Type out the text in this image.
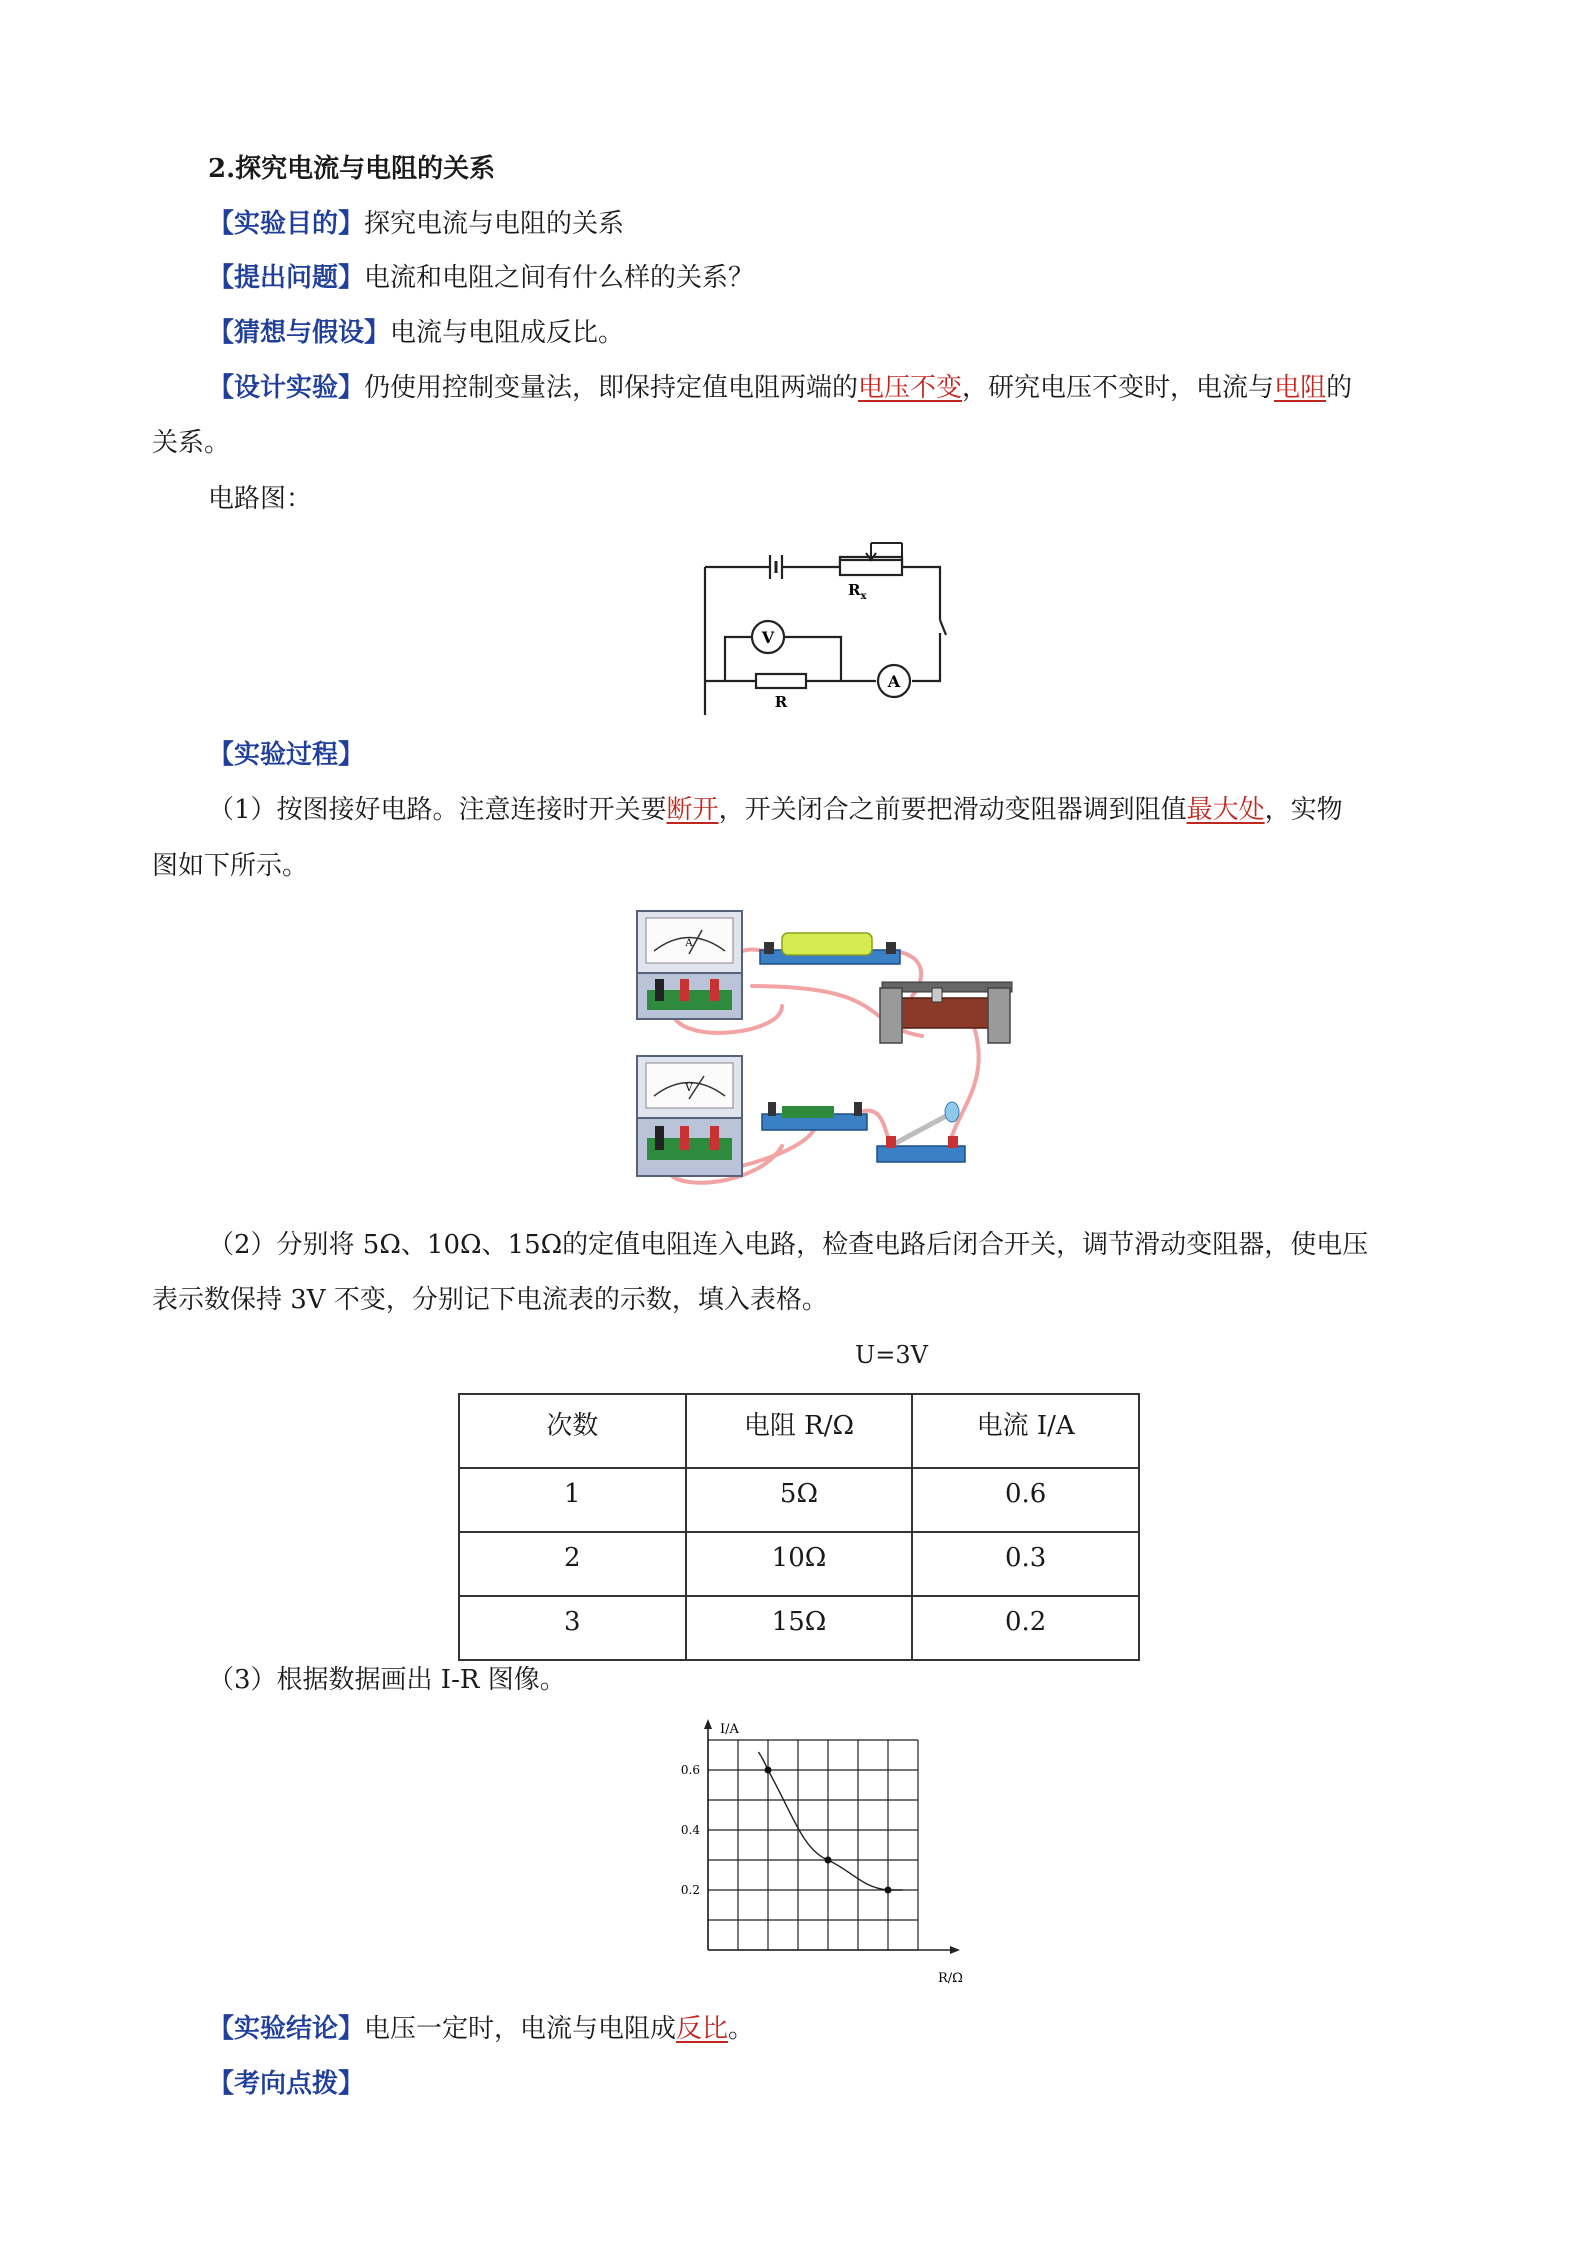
2.探究电流与电阻的关系
【实验目的】探究电流与电阻的关系
【提出问题】电流和电阻之间有什么样的关系？
【猜想与假设】电流与电阻成反比。
【设计实验】仍使用控制变量法，即保持定值电阻两端的电压不变，研究电压不变时，电流与电阻的
关系。
电路图：
$R_x$
V
R
A
【实验过程】
（1）按图接好电路。注意连接时开关要断开，开关闭合之前要把滑动变阻器调到阻值最大处，实物
图如下所示。
A
V
（2）分别将 5Ω、10Ω、15Ω的定值电阻连入电路，检查电路后闭合开关，调节滑动变阻器，使电压
表示数保持 3V 不变，分别记下电流表的示数，填入表格。
U=3V
次数	电阻 R/Ω	电流 I/A
1	5Ω	0.6
2	10Ω	0.3
3	15Ω	0.2
（3）根据数据画出 I-R 图像。
I/A
R/Ω
0.2
0.4
0.6
【实验结论】电压一定时，电流与电阻成反比。
【考向点拨】
